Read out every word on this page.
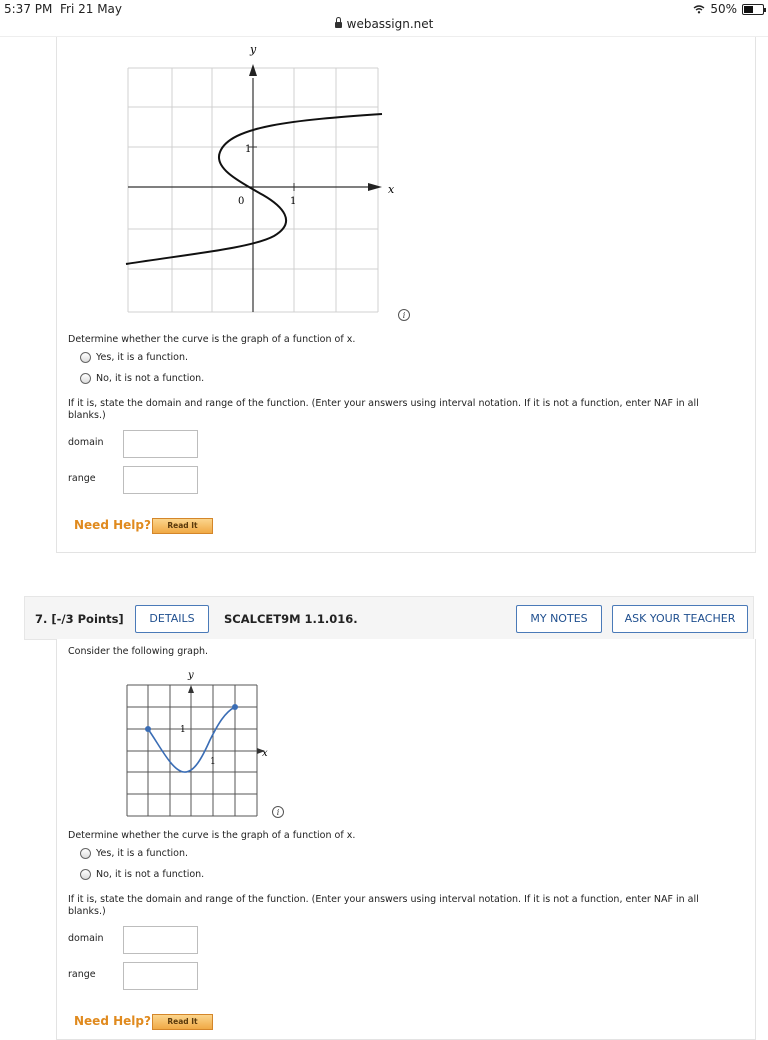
5:37 PM Fri 21 May	50%
webassign.net
y
x
0	1
1
i
Determine whether the curve is the graph of a function of x.
Yes, it is a function.
No, it is not a function.
If it is, state the domain and range of the function. (Enter your answers using interval notation. If it is not a function, enter NAF in all blanks.)
domain
range
Need Help?	Read It
7. [-/3 Points]	DETAILS	SCALCET9M 1.1.016.	MY NOTES	ASK YOUR TEACHER
Consider the following graph.
y
x
1
1
i
Determine whether the curve is the graph of a function of x.
Yes, it is a function.
No, it is not a function.
If it is, state the domain and range of the function. (Enter your answers using interval notation. If it is not a function, enter NAF in all blanks.)
domain
range
Need Help?	Read It
